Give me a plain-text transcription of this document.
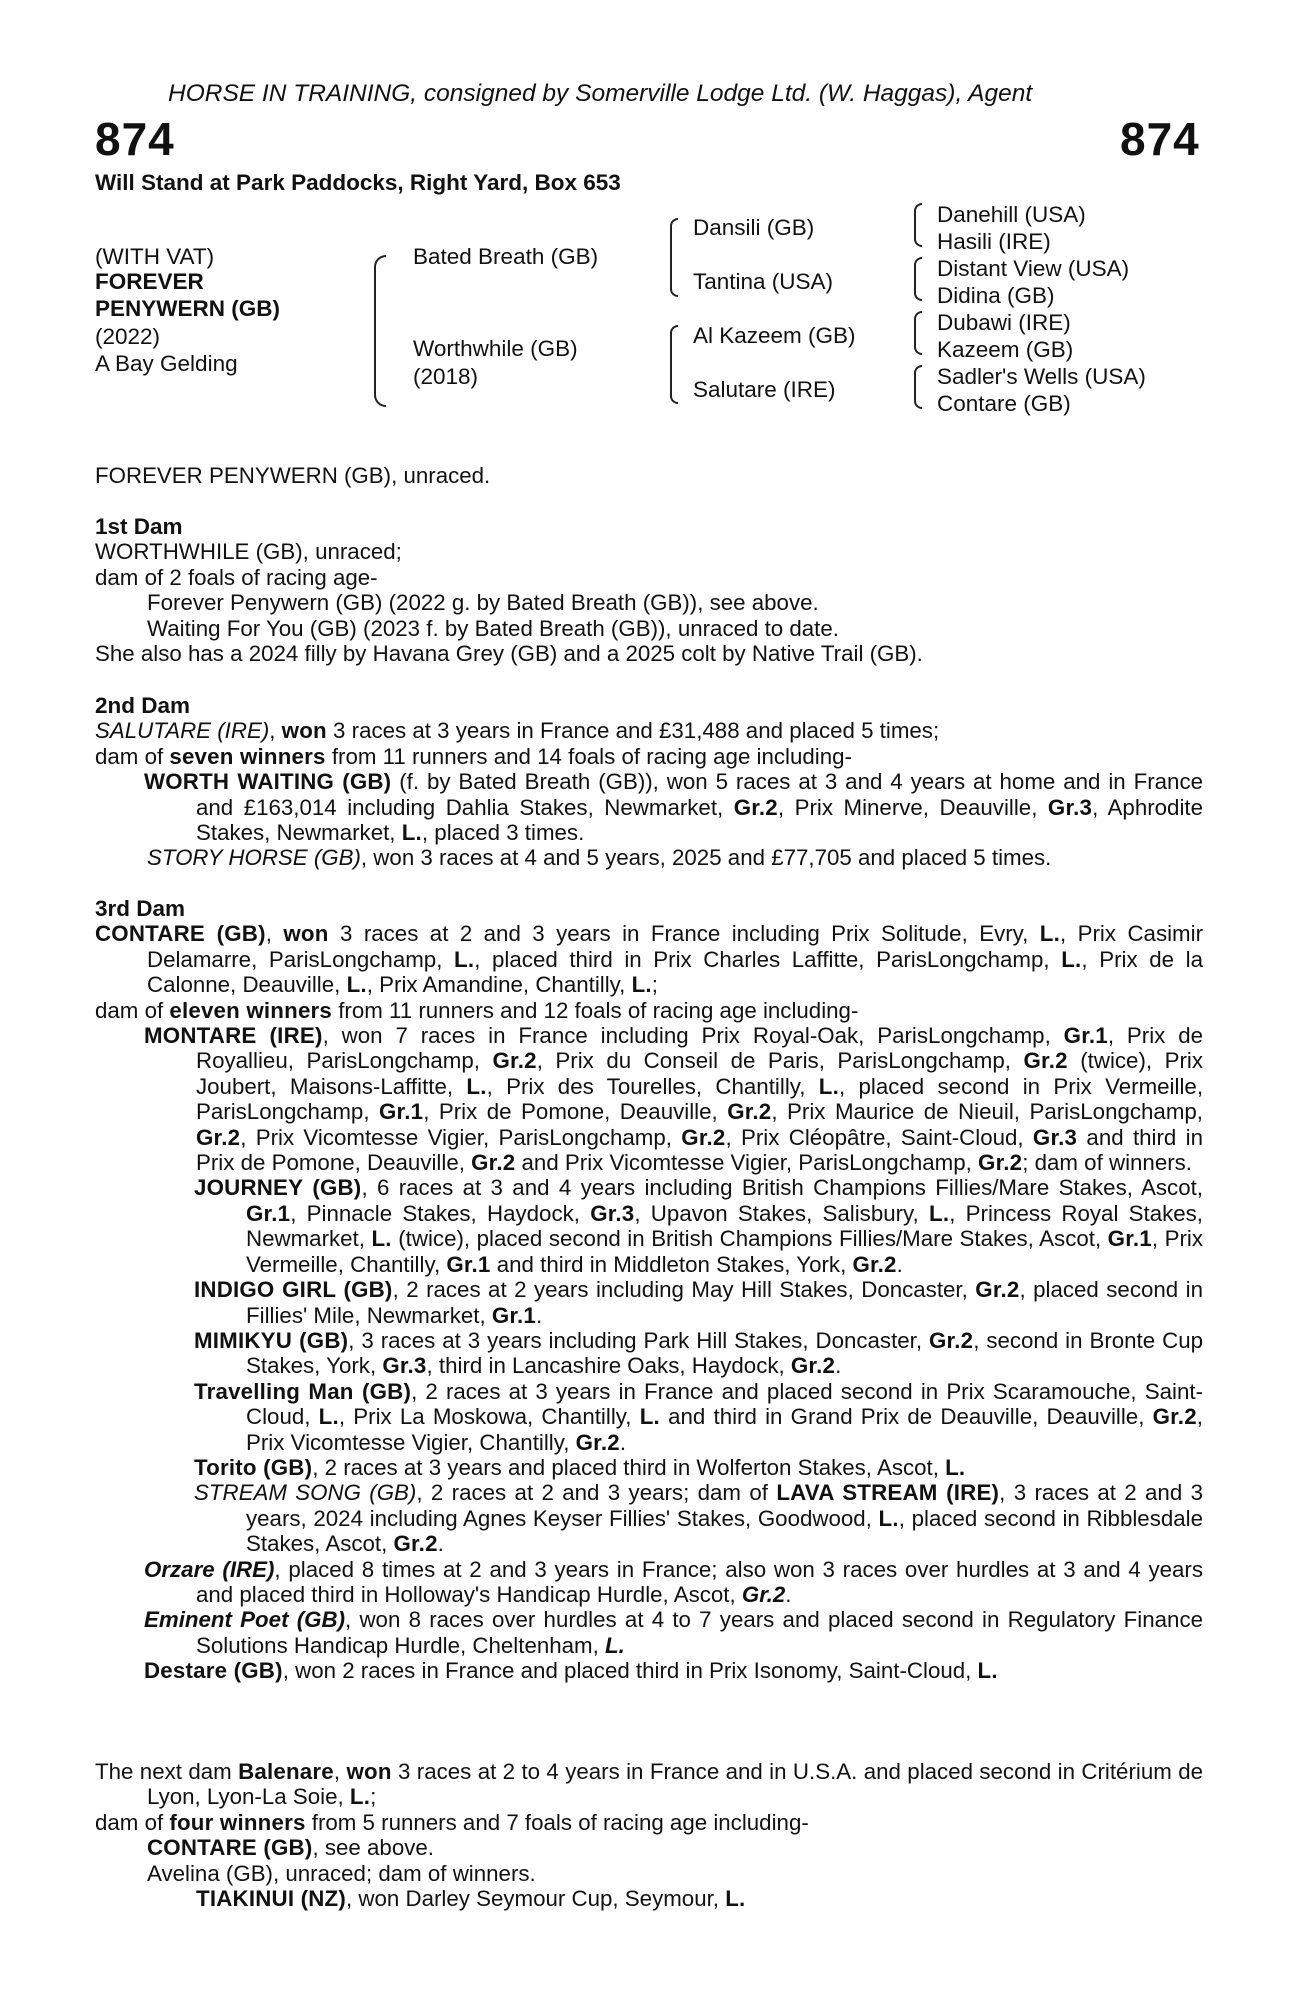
HORSE IN TRAINING, consigned by Somerville Lodge Ltd. (W. Haggas), Agent
874	874
Will Stand at Park Paddocks, Right Yard, Box 653
(WITH VAT)
FOREVER
PENYWERN (GB)
(2022)
A Bay Gelding
Bated Breath (GB)
Worthwhile (GB)
(2018)
Dansili (GB)
Tantina (USA)
Al Kazeem (GB)
Salutare (IRE)
Danehill (USA)
Hasili (IRE)
Distant View (USA)
Didina (GB)
Dubawi (IRE)
Kazeem (GB)
Sadler's Wells (USA)
Contare (GB)
FOREVER PENYWERN (GB), unraced.

1st Dam

WORTHWHILE (GB), unraced;

dam of 2 foals of racing age-

Forever Penywern (GB) (2022 g. by Bated Breath (GB)), see above.

Waiting For You (GB) (2023 f. by Bated Breath (GB)), unraced to date.

She also has a 2024 filly by Havana Grey (GB) and a 2025 colt by Native Trail (GB).

2nd Dam

SALUTARE (IRE), won 3 races at 3 years in France and £31,488 and placed 5 times;

dam of seven winners from 11 runners and 14 foals of racing age including-

WORTH WAITING (GB) (f. by Bated Breath (GB)), won 5 races at 3 and 4 years at home and in France and £163,014 including Dahlia Stakes, Newmarket, Gr.2, Prix Minerve, Deauville, Gr.3, Aphrodite Stakes, Newmarket, L., placed 3 times.

STORY HORSE (GB), won 3 races at 4 and 5 years, 2025 and £77,705 and placed 5 times.

3rd Dam

CONTARE (GB), won 3 races at 2 and 3 years in France including Prix Solitude, Evry, L., Prix Casimir Delamarre, ParisLongchamp, L., placed third in Prix Charles Laffitte, ParisLongchamp, L., Prix de la Calonne, Deauville, L., Prix Amandine, Chantilly, L.;

dam of eleven winners from 11 runners and 12 foals of racing age including-

MONTARE (IRE), won 7 races in France including Prix Royal-Oak, ParisLongchamp, Gr.1, Prix de Royallieu, ParisLongchamp, Gr.2, Prix du Conseil de Paris, ParisLongchamp, Gr.2 (twice), Prix Joubert, Maisons-Laffitte, L., Prix des Tourelles, Chantilly, L., placed second in Prix Vermeille, ParisLongchamp, Gr.1, Prix de Pomone, Deauville, Gr.2, Prix Maurice de Nieuil, ParisLongchamp, Gr.2, Prix Vicomtesse Vigier, ParisLongchamp, Gr.2, Prix Cléopâtre, Saint-Cloud, Gr.3 and third in Prix de Pomone, Deauville, Gr.2 and Prix Vicomtesse Vigier, ParisLongchamp, Gr.2; dam of winners.

JOURNEY (GB), 6 races at 3 and 4 years including British Champions Fillies/Mare Stakes, Ascot, Gr.1, Pinnacle Stakes, Haydock, Gr.3, Upavon Stakes, Salisbury, L., Princess Royal Stakes, Newmarket, L. (twice), placed second in British Champions Fillies/Mare Stakes, Ascot, Gr.1, Prix Vermeille, Chantilly, Gr.1 and third in Middleton Stakes, York, Gr.2.

INDIGO GIRL (GB), 2 races at 2 years including May Hill Stakes, Doncaster, Gr.2, placed second in Fillies' Mile, Newmarket, Gr.1.

MIMIKYU (GB), 3 races at 3 years including Park Hill Stakes, Doncaster, Gr.2, second in Bronte Cup Stakes, York, Gr.3, third in Lancashire Oaks, Haydock, Gr.2.

Travelling Man (GB), 2 races at 3 years in France and placed second in Prix Scaramouche, Saint-Cloud, L., Prix La Moskowa, Chantilly, L. and third in Grand Prix de Deauville, Deauville, Gr.2, Prix Vicomtesse Vigier, Chantilly, Gr.2.

Torito (GB), 2 races at 3 years and placed third in Wolferton Stakes, Ascot, L.

STREAM SONG (GB), 2 races at 2 and 3 years; dam of LAVA STREAM (IRE), 3 races at 2 and 3 years, 2024 including Agnes Keyser Fillies' Stakes, Goodwood, L., placed second in Ribblesdale Stakes, Ascot, Gr.2.

Orzare (IRE), placed 8 times at 2 and 3 years in France; also won 3 races over hurdles at 3 and 4 years and placed third in Holloway's Handicap Hurdle, Ascot, Gr.2.

Eminent Poet (GB), won 8 races over hurdles at 4 to 7 years and placed second in Regulatory Finance Solutions Handicap Hurdle, Cheltenham, L.

Destare (GB), won 2 races in France and placed third in Prix Isonomy, Saint-Cloud, L.

The next dam Balenare, won 3 races at 2 to 4 years in France and in U.S.A. and placed second in Critérium de Lyon, Lyon-La Soie, L.;

dam of four winners from 5 runners and 7 foals of racing age including-

CONTARE (GB), see above.

Avelina (GB), unraced; dam of winners.

TIAKINUI (NZ), won Darley Seymour Cup, Seymour, L.
